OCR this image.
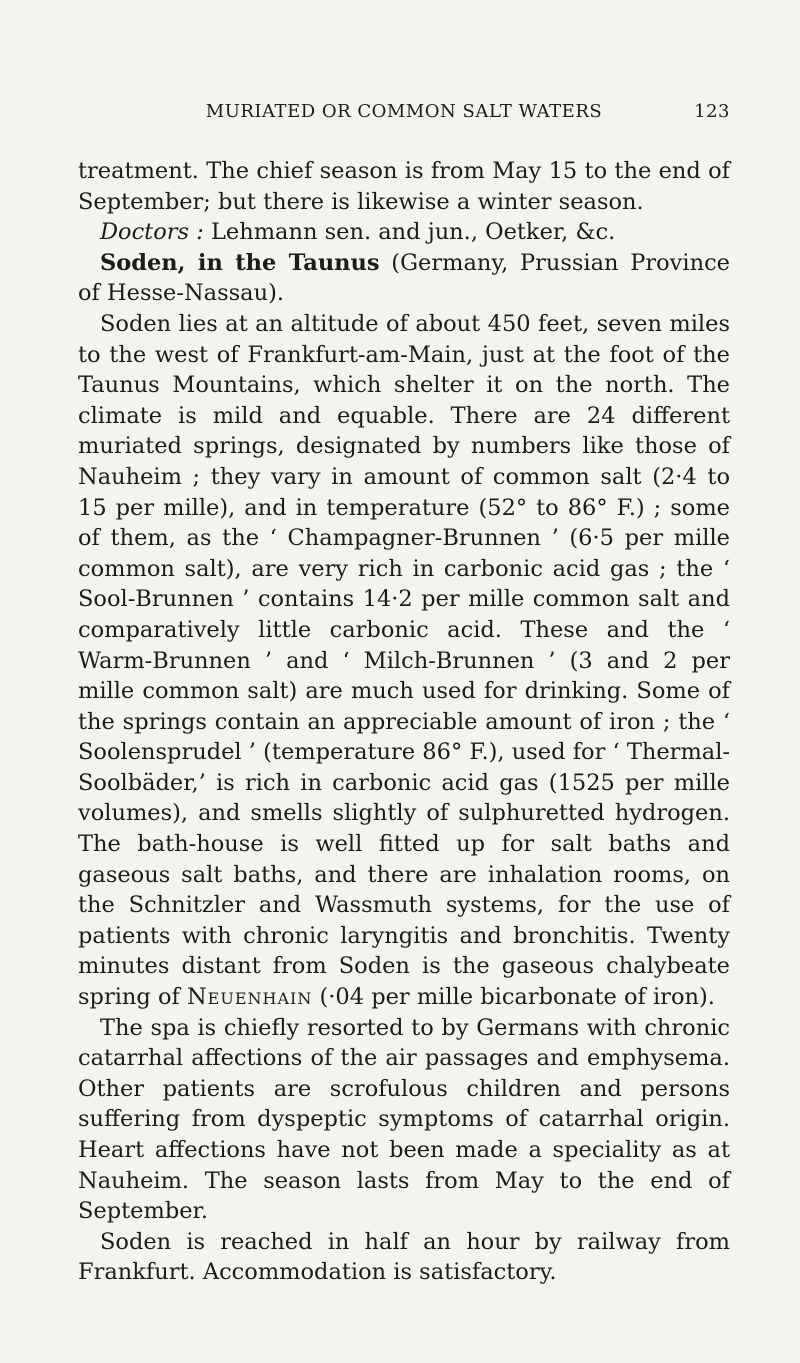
MURIATED OR COMMON SALT WATERS	123

treatment. The chief season is from May 15 to the end of September; but there is likewise a winter season.

Doctors : Lehmann sen. and jun., Oetker, &c.

Soden, in the Taunus (Germany, Prussian Province of Hesse-Nassau).

Soden lies at an altitude of about 450 feet, seven miles to the west of Frankfurt-am-Main, just at the foot of the Taunus Mountains, which shelter it on the north. The climate is mild and equable. There are 24 different muriated springs, designated by numbers like those of Nauheim ; they vary in amount of common salt (2·4 to 15 per mille), and in temperature (52° to 86° F.) ; some of them, as the ‘ Champagner-Brunnen ’ (6·5 per mille common salt), are very rich in carbonic acid gas ; the ‘ Sool-Brunnen ’ contains 14·2 per mille common salt and comparatively little carbonic acid. These and the ‘ Warm-Brunnen ’ and ‘ Milch-Brunnen ’ (3 and 2 per mille common salt) are much used for drinking. Some of the springs contain an appreciable amount of iron ; the ‘ Soolensprudel ’ (temperature 86° F.), used for ‘ Thermal-Soolbäder,’ is rich in carbonic acid gas (1525 per mille volumes), and smells slightly of sulphuretted hydrogen. The bath-house is well fitted up for salt baths and gaseous salt baths, and there are inhalation rooms, on the Schnitzler and Wassmuth systems, for the use of patients with chronic laryngitis and bronchitis. Twenty minutes distant from Soden is the gaseous chalybeate spring of Neuenhain (·04 per mille bicarbonate of iron).

The spa is chiefly resorted to by Germans with chronic catarrhal affections of the air passages and emphysema. Other patients are scrofulous children and persons suffering from dyspeptic symptoms of catarrhal origin. Heart affections have not been made a speciality as at Nauheim. The season lasts from May to the end of September.

Soden is reached in half an hour by railway from Frankfurt. Accommodation is satisfactory.
